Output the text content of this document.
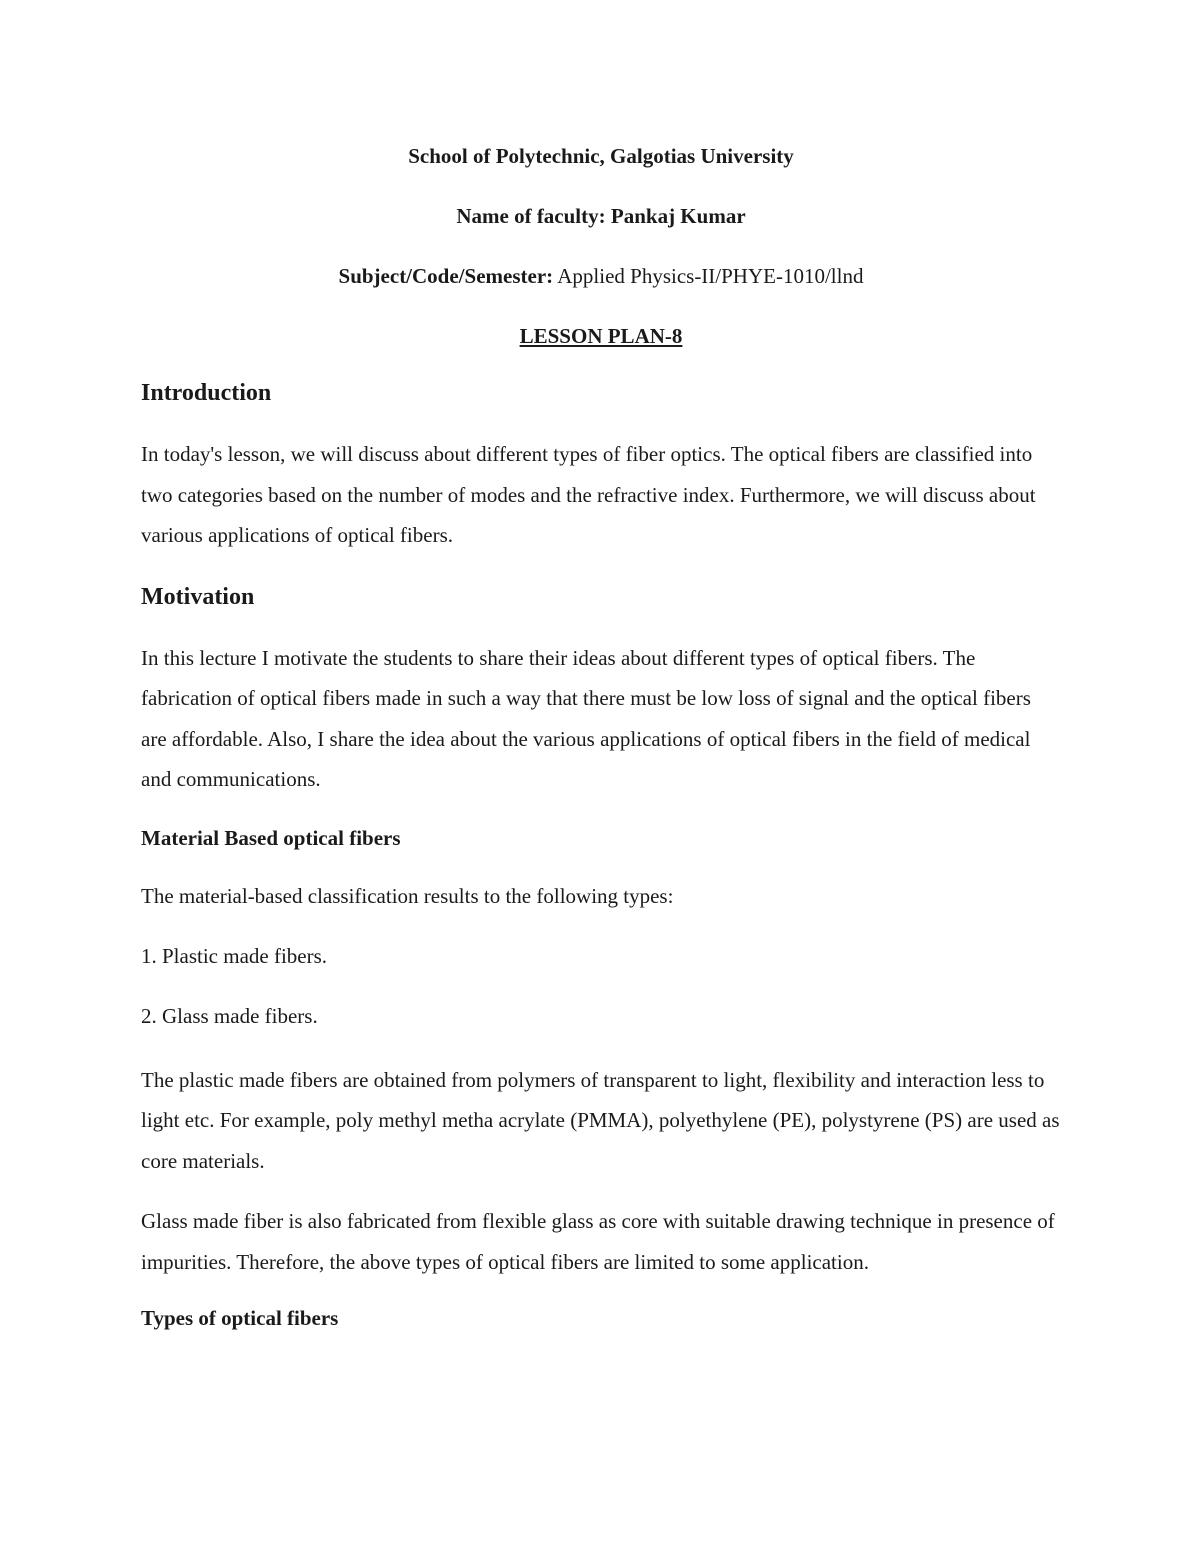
School of Polytechnic, Galgotias University
Name of faculty: Pankaj Kumar
Subject/Code/Semester: Applied Physics-II/PHYE-1010/llnd
LESSON PLAN-8
Introduction

In today's lesson, we will discuss about different types of fiber optics. The optical fibers are classified into two categories based on the number of modes and the refractive index. Furthermore, we will discuss about various applications of optical fibers.

Motivation

In this lecture I motivate the students to share their ideas about different types of optical fibers. The fabrication of optical fibers made in such a way that there must be low loss of signal and the optical fibers are affordable. Also, I share the idea about the various applications of optical fibers in the field of medical and communications.

Material Based optical fibers
The material-based classification results to the following types:
1. Plastic made fibers.
2. Glass made fibers.

The plastic made fibers are obtained from polymers of transparent to light, flexibility and interaction less to light etc. For example, poly methyl metha acrylate (PMMA), polyethylene (PE), polystyrene (PS) are used as core materials.

Glass made fiber is also fabricated from flexible glass as core with suitable drawing technique in presence of impurities. Therefore, the above types of optical fibers are limited to some application.

Types of optical fibers
